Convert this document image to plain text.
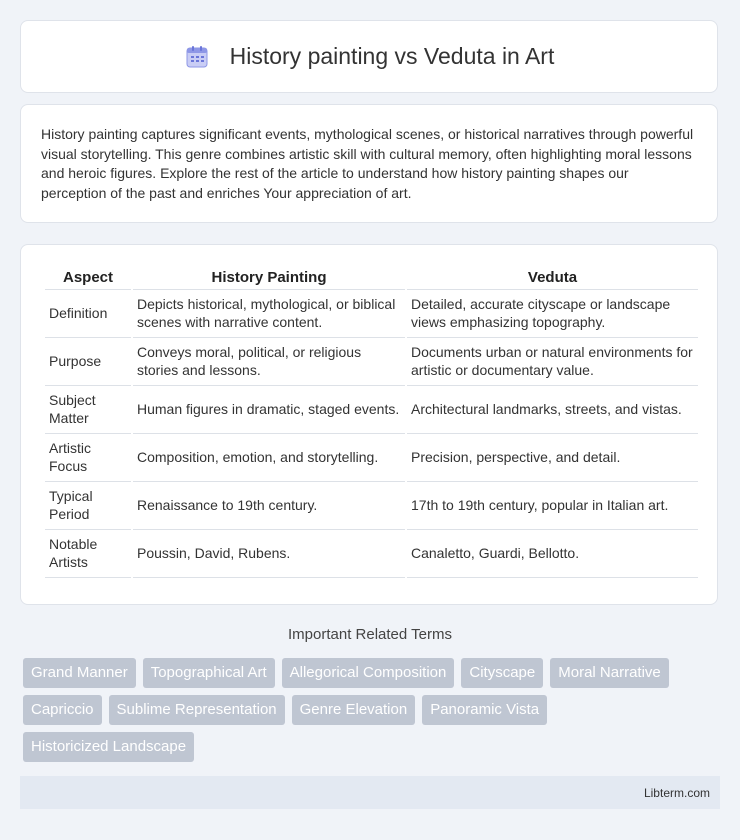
History painting vs Veduta in Art

History painting captures significant events, mythological scenes, or historical narratives through powerful visual storytelling. This genre combines artistic skill with cultural memory, often highlighting moral lessons and heroic figures. Explore the rest of the article to understand how history painting shapes our perception of the past and enriches Your appreciation of art.

Aspect	History Painting	Veduta
Definition	Depicts historical, mythological, or biblical scenes with narrative content.	Detailed, accurate cityscape or landscape views emphasizing topography.
Purpose	Conveys moral, political, or religious stories and lessons.	Documents urban or natural environments for artistic or documentary value.
Subject Matter	Human figures in dramatic, staged events.	Architectural landmarks, streets, and vistas.
Artistic Focus	Composition, emotion, and storytelling.	Precision, perspective, and detail.
Typical Period	Renaissance to 19th century.	17th to 19th century, popular in Italian art.
Notable Artists	Poussin, David, Rubens.	Canaletto, Guardi, Bellotto.
Important Related Terms
Grand Manner	Topographical Art	Allegorical Composition	Cityscape	Moral Narrative
Capriccio	Sublime Representation	Genre Elevation	Panoramic Vista
Historicized Landscape
Libterm.com
